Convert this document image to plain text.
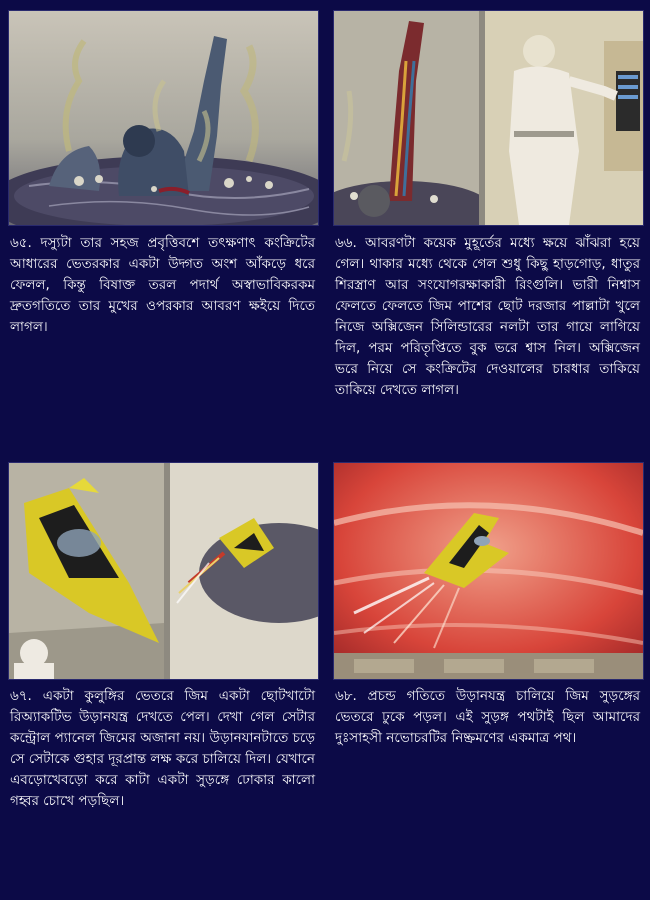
৬৫. দস্যুটা তার সহজ প্রবৃত্তিবশে তৎক্ষণাৎ কংক্রিটের আধারের ভেতরকার একটা উদ্গত অংশ আঁকড়ে ধরে ফেলল, কিন্তু বিষাক্ত তরল পদার্থ অস্বাভাবিকরকম দ্রুতগতিতে তার মুখের ওপরকার আবরণ ক্ষইয়ে দিতে লাগল।

৬৬. আবরণটা কয়েক মুহূর্তের মধ্যে ক্ষয়ে ঝাঁঝরা হয়ে গেল। থাকার মধ্যে থেকে গেল শুধু কিছু হাড়গোড়, ধাতুর শিরস্ত্রাণ আর সংযোগরক্ষাকারী রিংগুলি। ভারী নিশ্বাস ফেলতে ফেলতে জিম পাশের ছোট দরজার পাল্লাটা খুলে নিজে অক্সিজেন সিলিন্ডারের নলটা তার গায়ে লাগিয়ে দিল, পরম পরিতৃপ্তিতে বুক ভরে শ্বাস নিল। অক্সিজেন ভরে নিয়ে সে কংক্রিটের দেওয়ালের চারধার তাকিয়ে তাকিয়ে দেখতে লাগল।

৬৭. একটা কুলুঙ্গির ভেতরে জিম একটা ছোটখাটো রিঅ্যাকটিভ উড়ানযন্ত্র দেখতে পেল। দেখা গেল সেটার কন্ট্রোল প্যানেল জিমের অজানা নয়। উড়ানযানটাতে চড়ে সে সেটাকে গুহার দূরপ্রান্ত লক্ষ করে চালিয়ে দিল। যেখানে এবড়োখেবড়ো করে কাটা একটা সুড়ঙ্গে ঢোকার কালো গহ্বর চোখে পড়ছিল।

৬৮. প্রচন্ড গতিতে উড়ানযন্ত্র চালিয়ে জিম সুড়ঙ্গের ভেতরে ঢুকে পড়ল। এই সুড়ঙ্গ পথটাই ছিল আমাদের দুঃসাহসী নভোচরটির নিষ্ক্রমণের একমাত্র পথ।
